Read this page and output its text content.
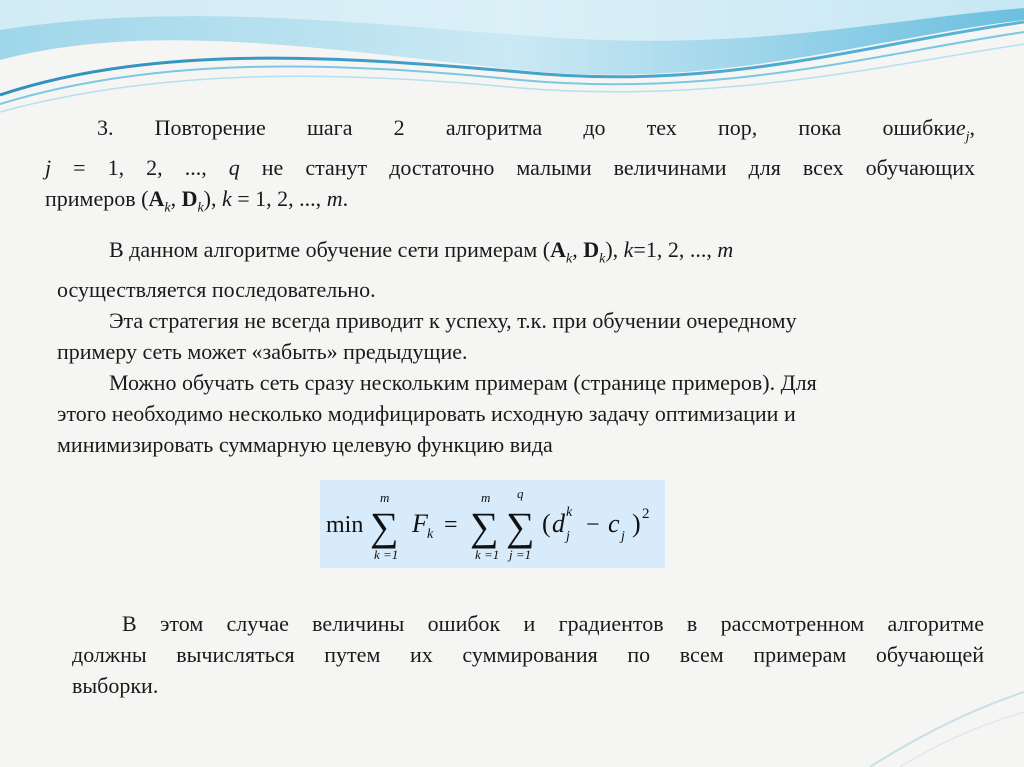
3. Повторение шага 2 алгоритма до тех пор, пока ошибкиe$_j$,

j = 1, 2, ..., q не станут достаточно малыми величинами для всех обучающих

примеров ($A_k$, $D_k$), k = 1, 2, ..., m.

В данном алгоритме обучение сети примерам ($A_k$, $D_k$), k=1, 2, ..., m
осуществляется последовательно.
Эта стратегия не всегда приводит к успеху, т.к. при обучении очередному
примеру сеть может «забыть» предыдущие.
Можно обучать сеть сразу нескольким примерам (странице примеров). Для
этого необходимо несколько модифицировать исходную задачу оптимизации и
минимизировать суммарную целевую функцию вида
min
m
∑
k =1
F k =
m
∑
k =1
q
∑
j =1
( d k
j − c j ) 2

В этом случае величины ошибок и градиентов в рассмотренном алгоритме

должны вычисляться путем их суммирования по всем примерам обучающей

выборки.
